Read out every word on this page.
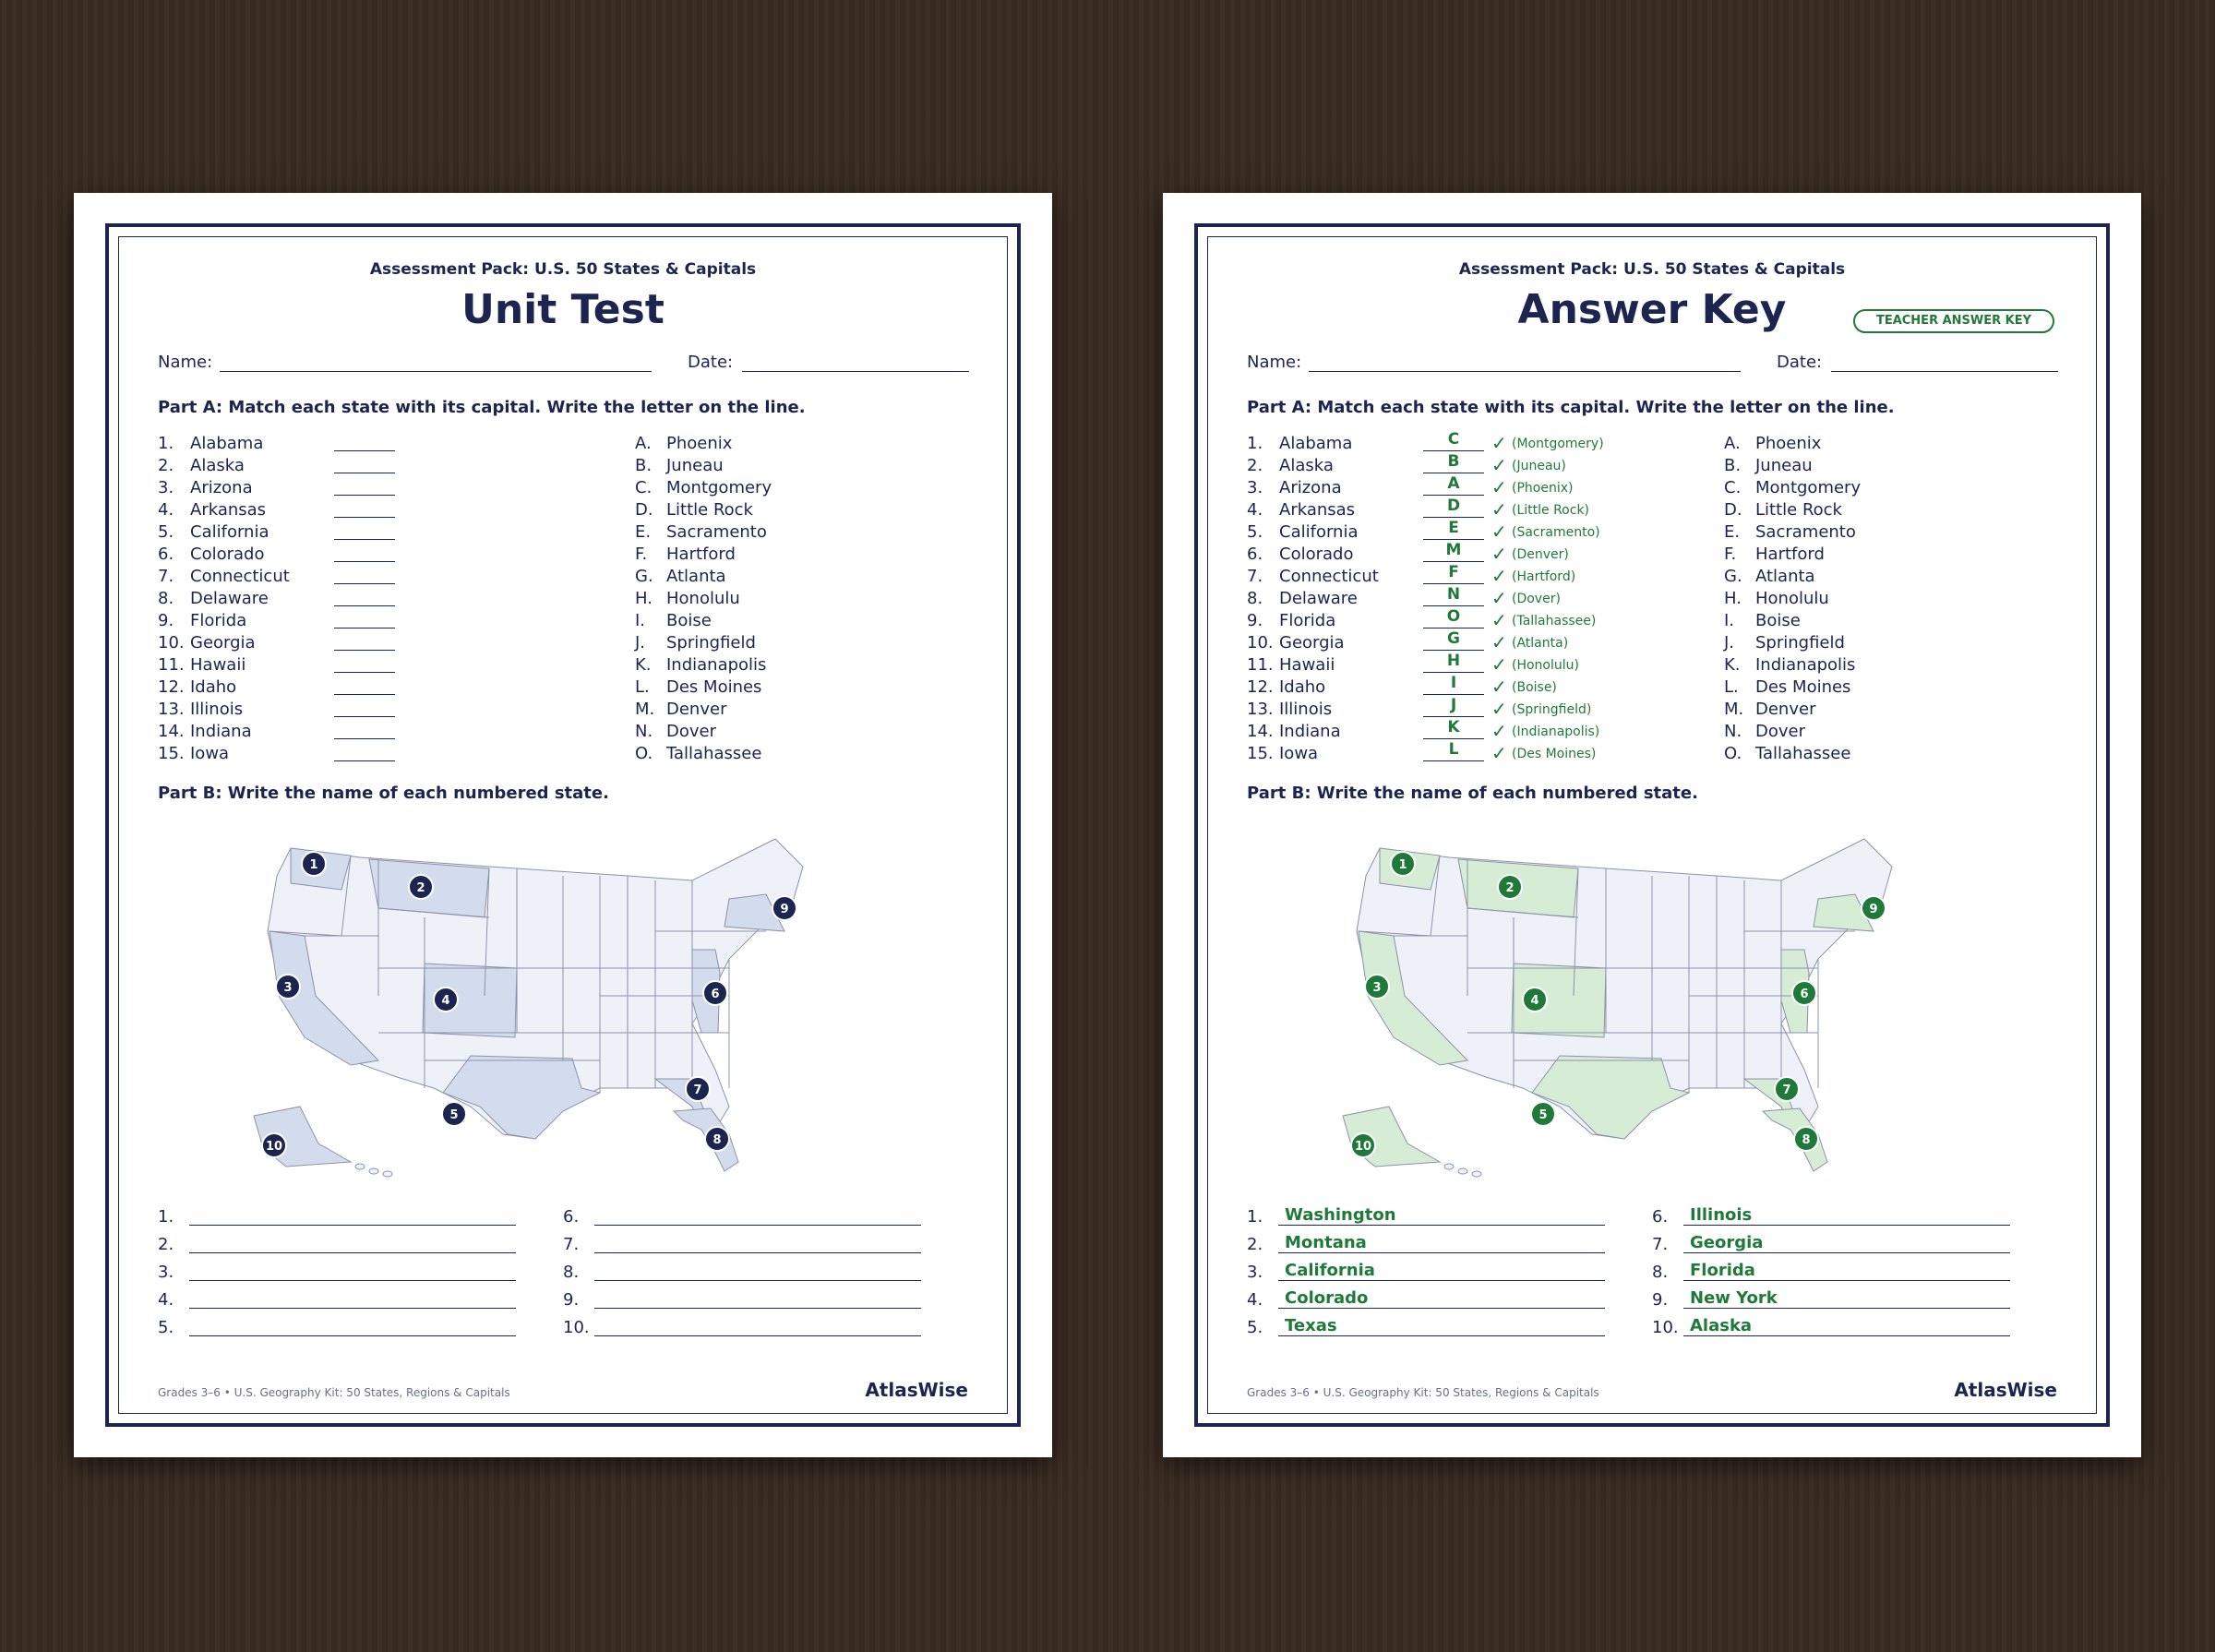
Assessment Pack: U.S. 50 States & Capitals
Unit Test
Name:	Date:
Part A: Match each state with its capital. Write the letter on the line.
1. Alabama	A. Phoenix
2. Alaska	B. Juneau
3. Arizona	C. Montgomery
4. Arkansas	D. Little Rock
5. California	E. Sacramento
6. Colorado	F.	Hartford
7. Connecticut	G. Atlanta
8. Delaware	H. Honolulu
9. Florida	I.	Boise
10. Georgia	J.	Springfield
11. Hawaii	K. Indianapolis
12. Idaho	L.	Des Moines
13. Illinois	M. Denver
14. Indiana	N. Dover
15. Iowa	O. Tallahassee
Part B: Write the name of each numbered state.
1
2
3
4
5
6
7
8
9
10
1.
2.
3.
4.
5.
6.
7.
8.
9.
10.
Grades 3–6 • U.S. Geography Kit: 50 States, Regions & Capitals	AtlasWise
Assessment Pack: U.S. 50 States & Capitals
Answer Key	TEACHER ANSWER KEY
Name:	Date:
Part A: Match each state with its capital. Write the letter on the line.
1. Alabama	C	✓ (Montgomery)	A. Phoenix
2. Alaska	B	✓ (Juneau)	B. Juneau
3. Arizona	A	✓ (Phoenix)	C. Montgomery
4. Arkansas	D	✓ (Little Rock)	D. Little Rock
5. California	E	✓ (Sacramento)	E. Sacramento
6. Colorado	M	✓ (Denver)	F.	Hartford
7. Connecticut	F	✓ (Hartford)	G. Atlanta
8. Delaware	N	✓ (Dover)	H. Honolulu
9. Florida	O	✓ (Tallahassee)	I.	Boise
10. Georgia	G	✓ (Atlanta)	J.	Springfield
11. Hawaii	H	✓ (Honolulu)	K. Indianapolis
12. Idaho	I	✓ (Boise)	L.	Des Moines
13. Illinois	J	✓ (Springfield)	M. Denver
14. Indiana	K	✓ (Indianapolis)	N. Dover
15. Iowa	L	✓ (Des Moines)	O. Tallahassee
Part B: Write the name of each numbered state.
1
2
3
4
5
6
7
8
9
10
1.	Washington
2.	Montana
3.	California
4.	Colorado
5.	Texas
6.	Illinois
7.	Georgia
8.	Florida
9.	New York
10. Alaska
Grades 3–6 • U.S. Geography Kit: 50 States, Regions & Capitals	AtlasWise
